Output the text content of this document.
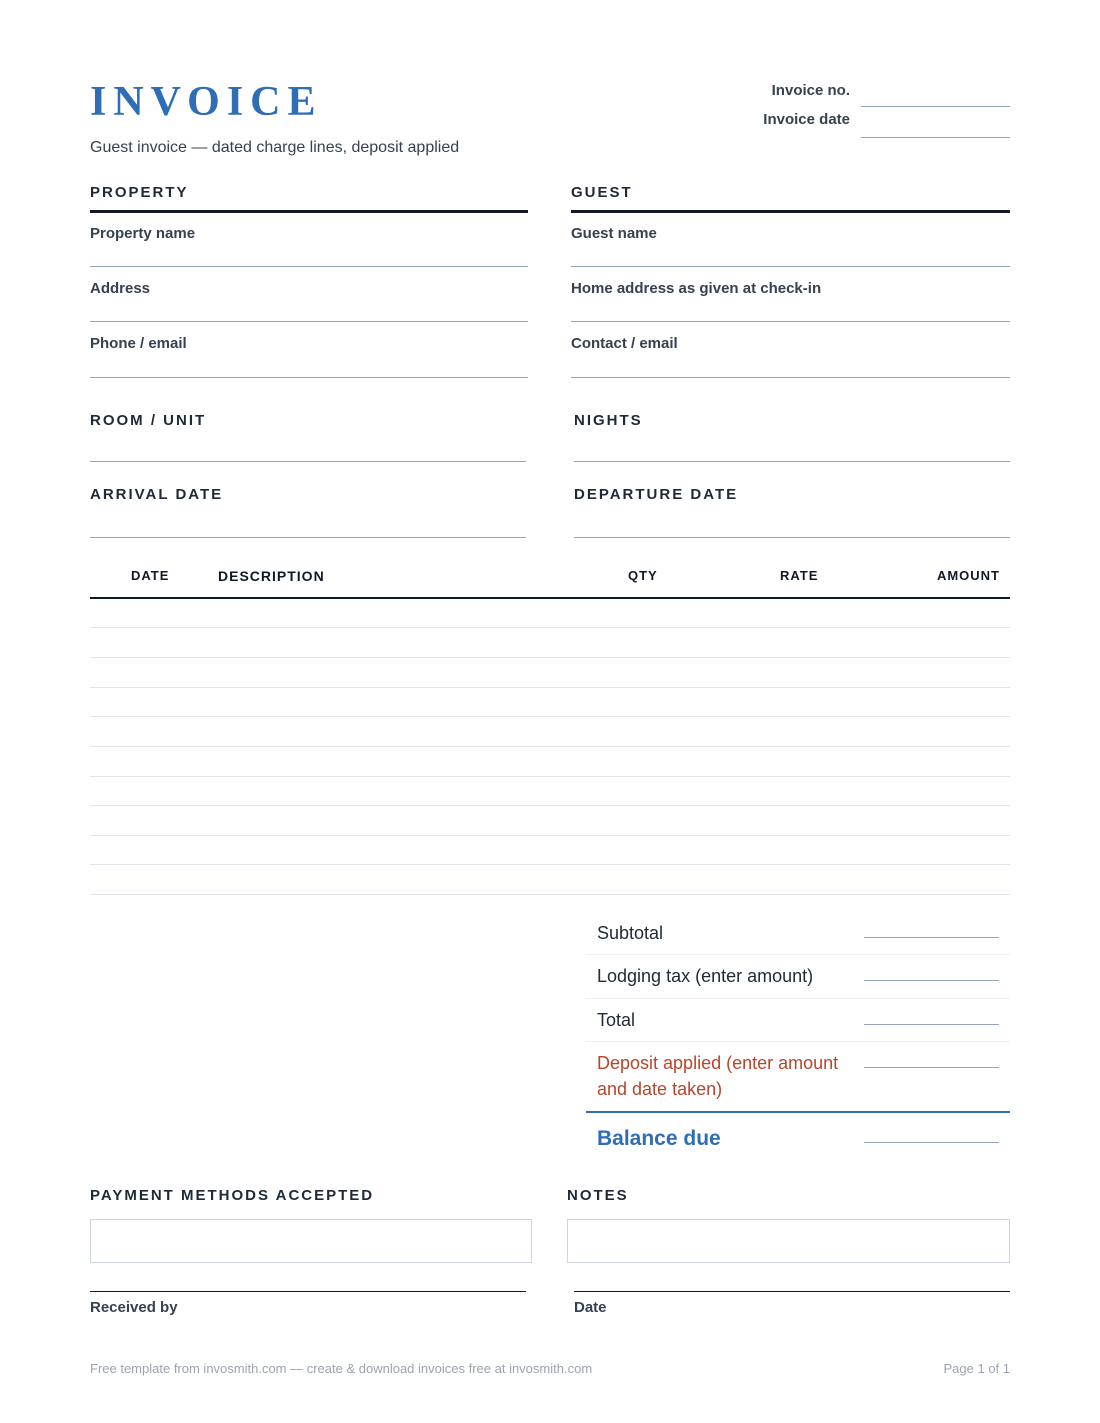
INVOICE
Guest invoice — dated charge lines, deposit applied
Invoice no.
Invoice date
PROPERTY
Property name
Address
Phone / email
GUEST
Guest name
Home address as given at check-in
Contact / email
ROOM / UNIT	NIGHTS
ARRIVAL DATE	DEPARTURE DATE
DATE	DESCRIPTION	QTY	RATE	AMOUNT
Subtotal
Lodging tax (enter amount)
Total
Deposit applied (enter amount and date taken)
Balance due
PAYMENT METHODS ACCEPTED	NOTES
Received by	Date
Free template from invosmith.com — create & download invoices free at invosmith.com	Page 1 of 1
